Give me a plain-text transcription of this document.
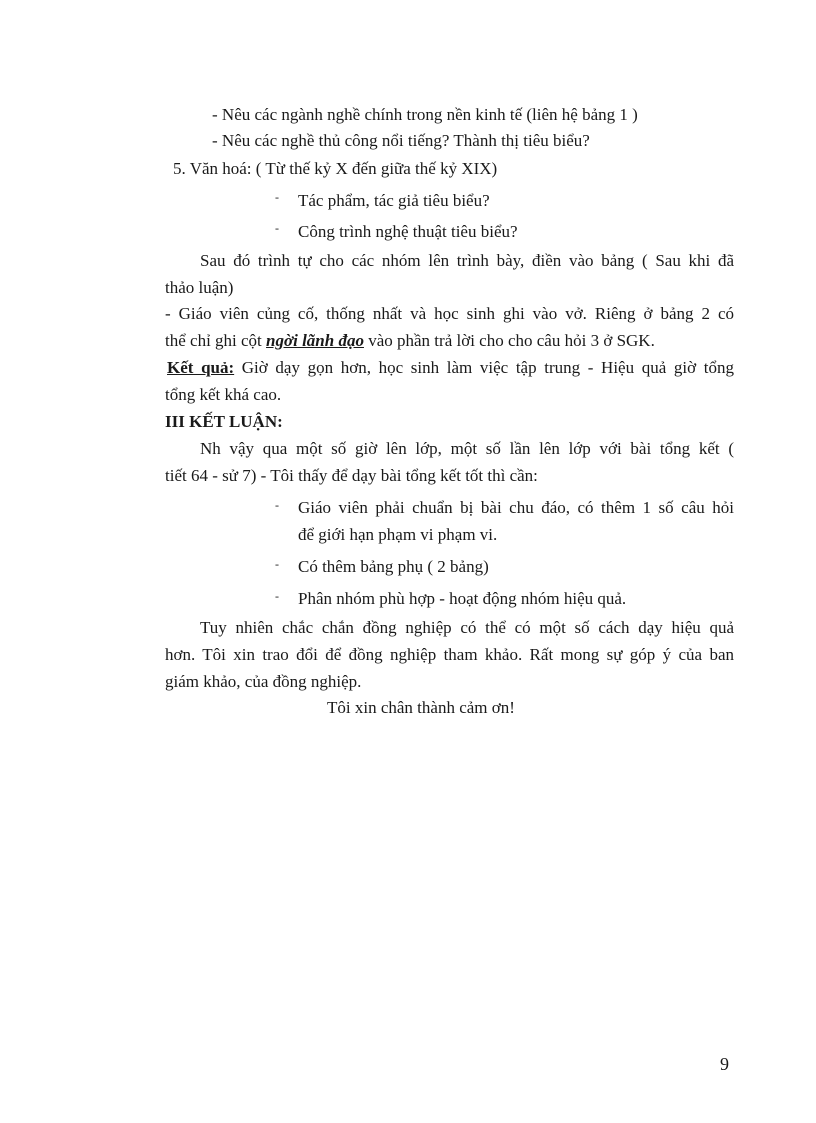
- Nêu các ngành nghề chính trong nền kinh tế (liên hệ bảng 1 )
- Nêu các nghề thủ công nổi tiếng? Thành thị tiêu biểu?
5. Văn hoá: ( Từ thế kỷ X đến giữa thế kỷ XIX)
- Tác phẩm, tác giả tiêu biểu?
- Công trình nghệ thuật tiêu biểu?
Sau đó trình tự cho các nhóm lên trình bày, điền vào bảng ( Sau khi đã
thảo luận)
- Giáo viên củng cố, thống nhất và học sinh ghi vào vở. Riêng ở bảng 2 có
thể chỉ ghi cột ngời lãnh đạo vào phần trả lời cho cho câu hỏi 3 ở SGK.
Kết quả: Giờ dạy gọn hơn, học sinh làm việc tập trung - Hiệu quả giờ tổng
tổng kết khá cao.
III KẾT LUẬN:
Nh vậy qua một số giờ lên lớp, một số lần lên lớp với bài tổng kết (
tiết 64 - sử 7) - Tôi thấy để dạy bài tổng kết tốt thì cần:
- Giáo viên phải chuẩn bị bài chu đáo, có thêm 1 số câu hỏi
để giới hạn phạm vi phạm vi.
- Có thêm bảng phụ ( 2 bảng)
- Phân nhóm phù hợp - hoạt động nhóm hiệu quả.
Tuy nhiên chắc chắn đồng nghiệp có thể có một số cách dạy hiệu quả
hơn. Tôi xin trao đổi để đồng nghiệp tham khảo. Rất mong sự góp ý của ban
giám khảo, của đồng nghiệp.
Tôi xin chân thành cảm ơn!
9
